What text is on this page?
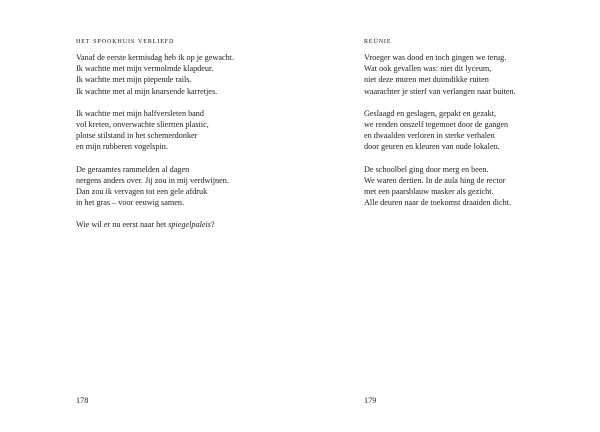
het spookhuis verliefd
Vanaf de eerste kermisdag heb ik op je gewacht.
Ik wachtte met mijn vermolmde klapdeur.
Ik wachtte met mijn piepende rails.
Ik wachtte met al mijn knarsende karretjes.
Ik wachtte met mijn halfversleten band
vol kreten, onverwachte sliertten plastic,
plotse stilstand in het schemerdonker
en mijn rubberen vogelspin.
De geraamtes rammelden al dagen
nergens anders over. Jij zou in mij verdwijnen.
Dan zou ik vervagen tot een gele afdruk
in het gras – voor eeuwig samen.
Wie wil er nu eerst naar het spiegelpaleis?
178
reünie
Vroeger was dood en toch gingen we terug.
Wat ook gevallen was: niet dit lyceum,
niet deze muren met duimdikke ruiten
waarachter je stierf van verlangen naar buiten.
Geslaagd en geslagen, gepakt en gezakt,
we renden onszelf tegemoet door de gangen
en dwaalden verloren in sterke verhalen
door geuren en kleuren van oude lokalen.
De schoolbel ging door merg en been.
We waren dertien. In de aula hing de rector
met een paarsblauw masker als gezicht.
Alle deuren naar de toekomst draaiden dicht.
179
